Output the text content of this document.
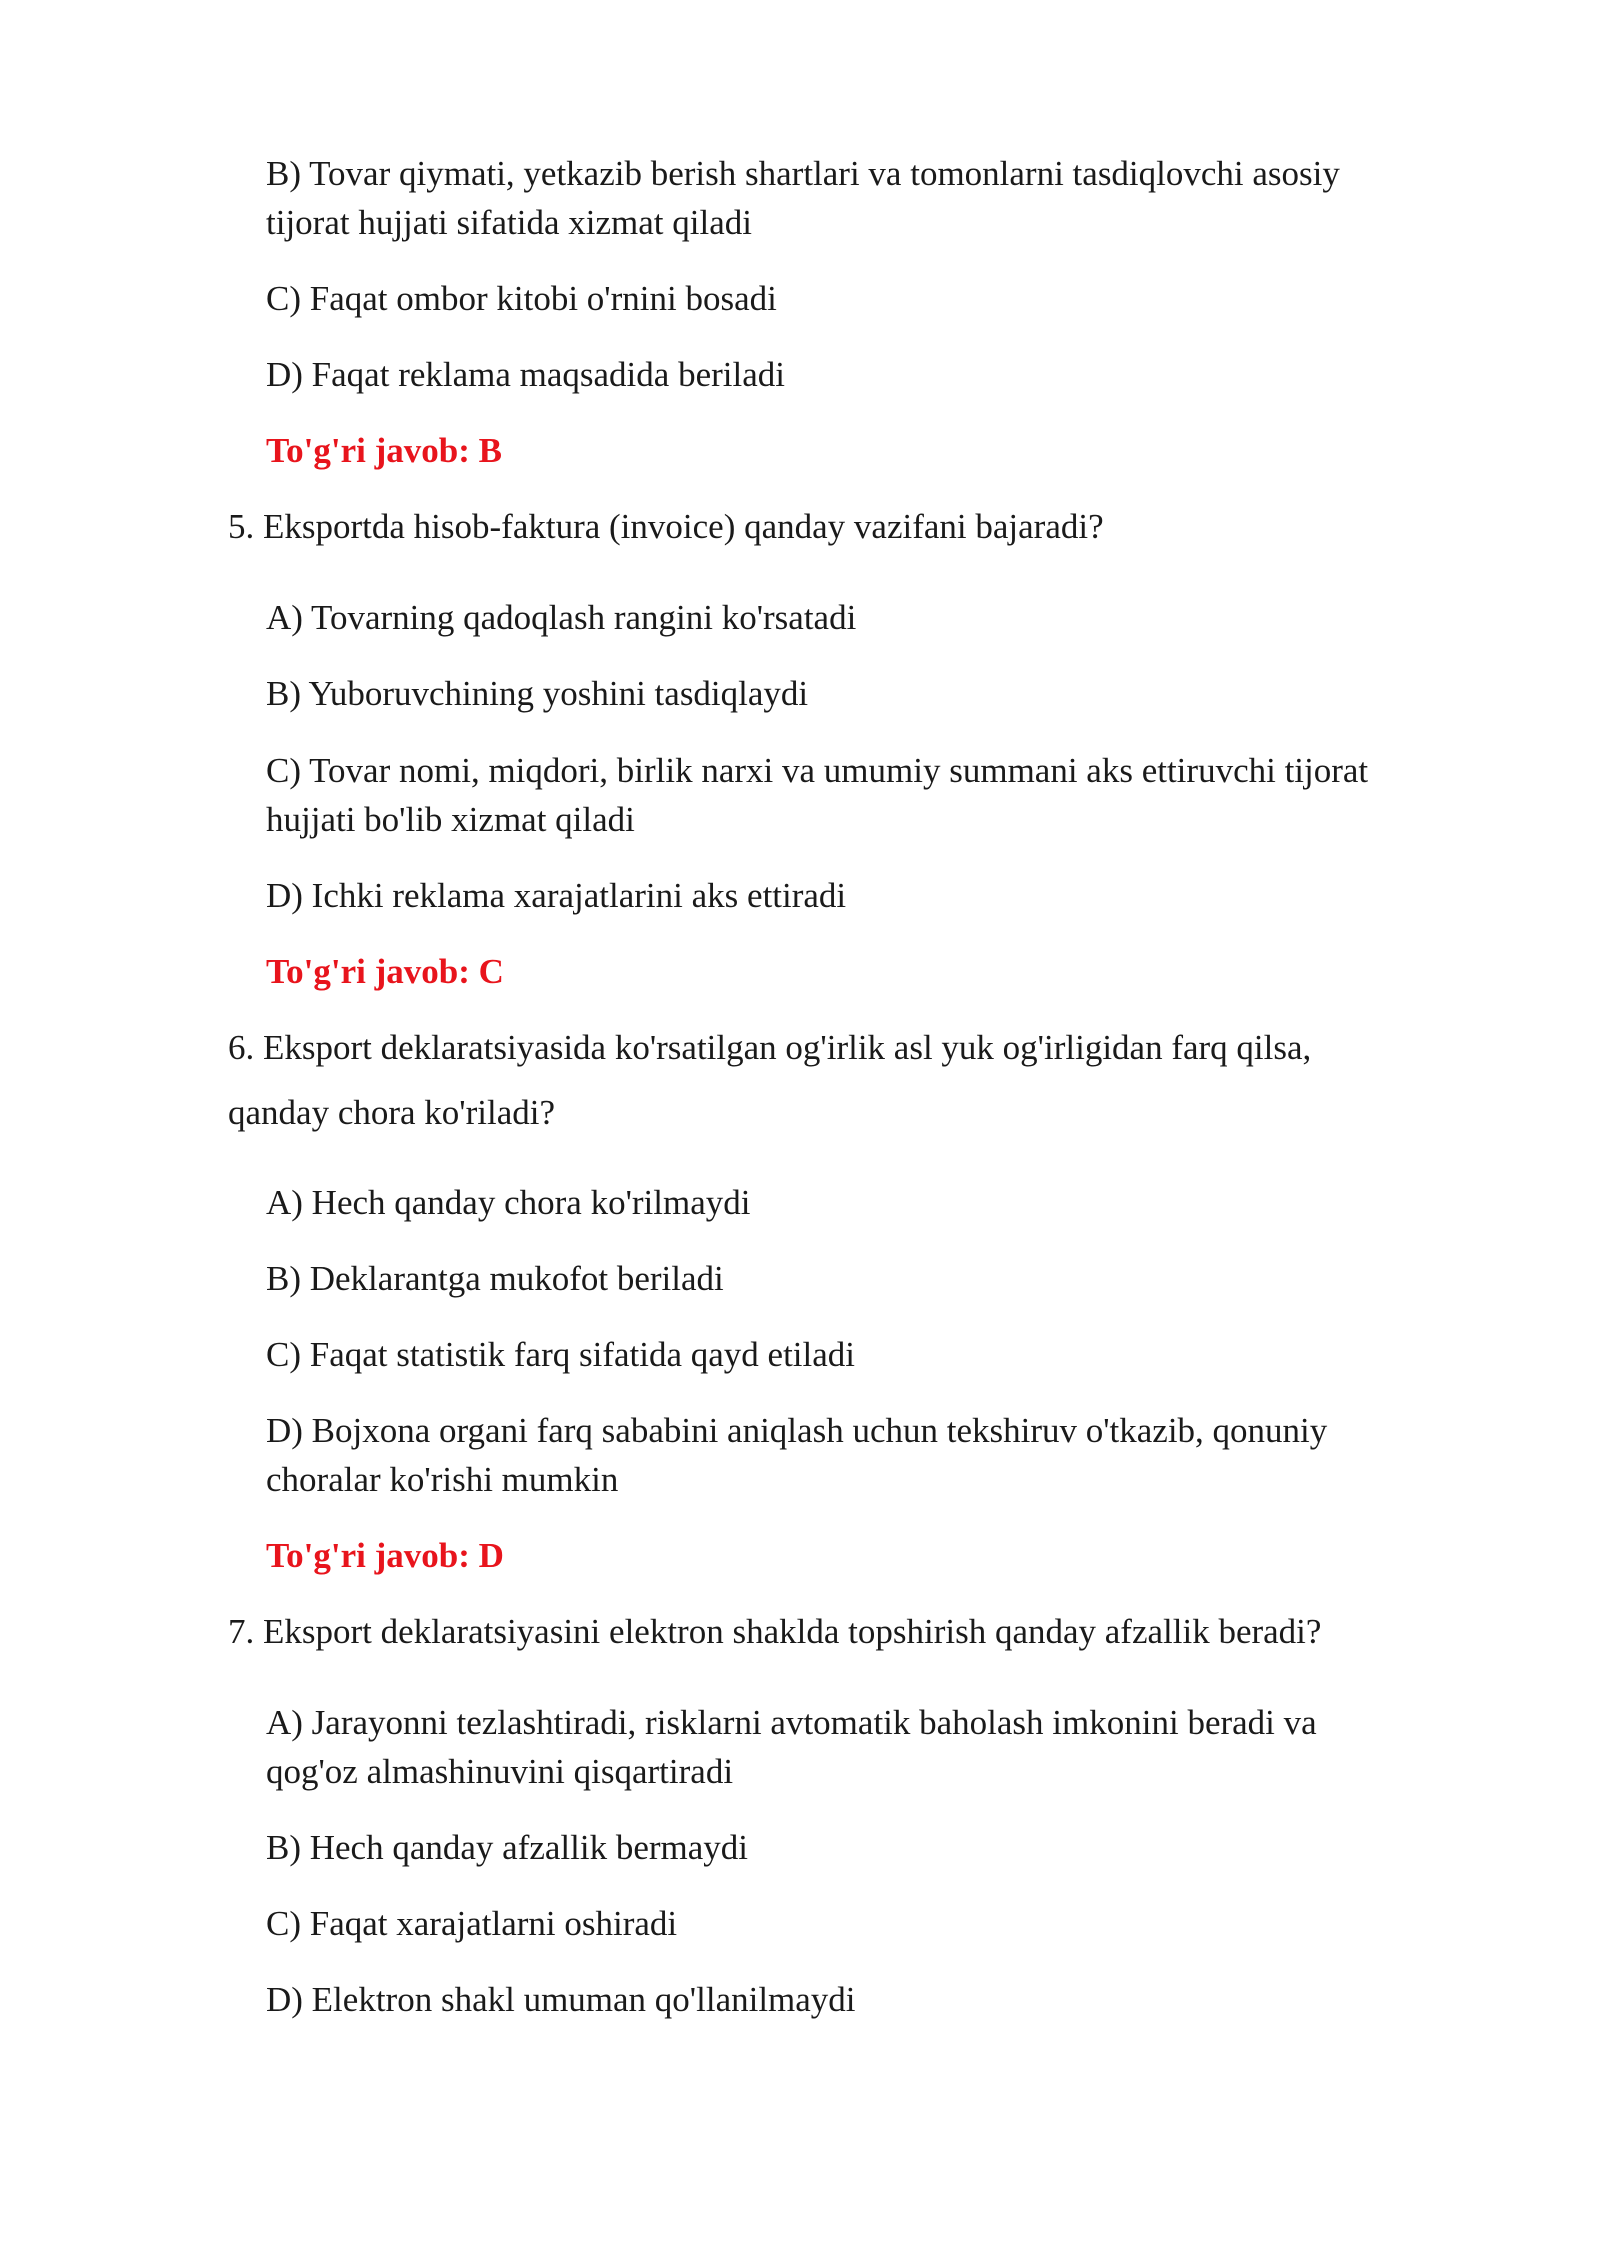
B) Tovar qiymati, yetkazib berish shartlari va tomonlarni tasdiqlovchi asosiy
tijorat hujjati sifatida xizmat qiladi
C) Faqat ombor kitobi o'rnini bosadi
D) Faqat reklama maqsadida beriladi
To'g'ri javob: B
5. Eksportda hisob-faktura (invoice) qanday vazifani bajaradi?
A) Tovarning qadoqlash rangini ko'rsatadi
B) Yuboruvchining yoshini tasdiqlaydi
C) Tovar nomi, miqdori, birlik narxi va umumiy summani aks ettiruvchi tijorat
hujjati bo'lib xizmat qiladi
D) Ichki reklama xarajatlarini aks ettiradi
To'g'ri javob: C
6. Eksport deklaratsiyasida ko'rsatilgan og'irlik asl yuk og'irligidan farq qilsa,
qanday chora ko'riladi?
A) Hech qanday chora ko'rilmaydi
B) Deklarantga mukofot beriladi
C) Faqat statistik farq sifatida qayd etiladi
D) Bojxona organi farq sababini aniqlash uchun tekshiruv o'tkazib, qonuniy
choralar ko'rishi mumkin
To'g'ri javob: D
7. Eksport deklaratsiyasini elektron shaklda topshirish qanday afzallik beradi?
A) Jarayonni tezlashtiradi, risklarni avtomatik baholash imkonini beradi va
qog'oz almashinuvini qisqartiradi
B) Hech qanday afzallik bermaydi
C) Faqat xarajatlarni oshiradi
D) Elektron shakl umuman qo'llanilmaydi
